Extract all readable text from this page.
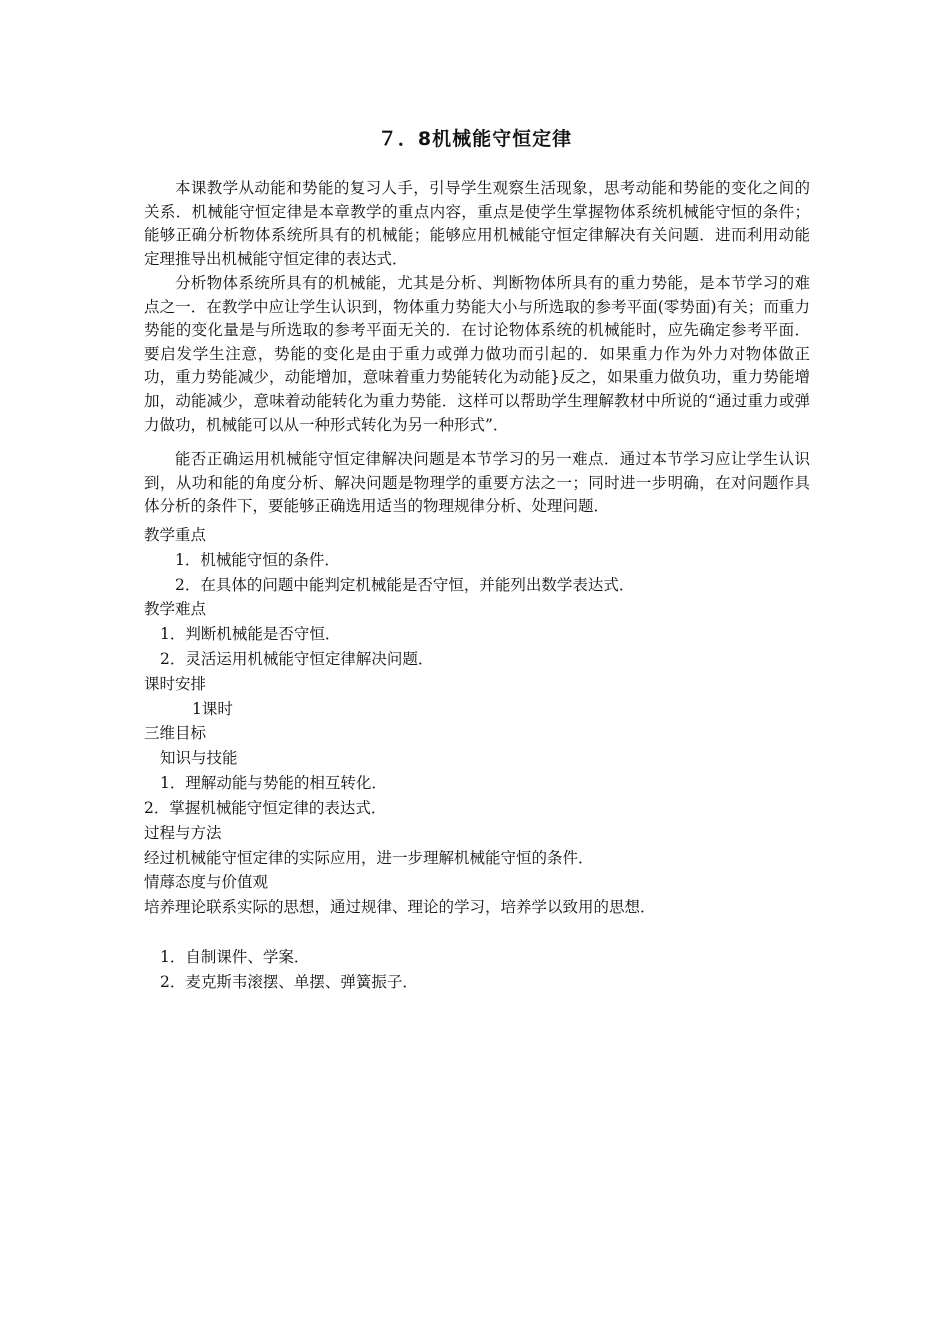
７．8机械能守恒定律
本课教学从动能和势能的复习人手，引导学生观察生活现象，思考动能和势能的变化之间的关系．机械能守恒定律是本章教学的重点内容，重点是使学生掌握物体系统机械能守恒的条件；能够正确分析物体系统所具有的机械能；能够应用机械能守恒定律解决有关问题．进而利用动能定理推导出机械能守恒定律的表达式．
分析物体系统所具有的机械能，尤其是分析、判断物体所具有的重力势能，是本节学习的难点之一．在教学中应让学生认识到，物体重力势能大小与所选取的参考平面(零势面)有关；而重力势能的变化量是与所选取的参考平面无关的．在讨论物体系统的机械能时，应先确定参考平面．要启发学生注意，势能的变化是由于重力或弹力做功而引起的．如果重力作为外力对物体做正功，重力势能减少，动能增加，意味着重力势能转化为动能}反之，如果重力做负功，重力势能增加，动能减少，意味着动能转化为重力势能．这样可以帮助学生理解教材中所说的“通过重力或弹力做功，机械能可以从一种形式转化为另一种形式”．
能否正确运用机械能守恒定律解决问题是本节学习的另一难点．通过本节学习应让学生认识到，从功和能的角度分析、解决问题是物理学的重要方法之一；同时进一步明确，在对问题作具体分析的条件下，要能够正确选用适当的物理规律分析、处理问题．
教学重点
1．机械能守恒的条件．
2．在具体的问题中能判定机械能是否守恒，并能列出数学表达式．
教学难点
1．判断机械能是否守恒．
2．灵活运用机械能守恒定律解决问题．
课时安排
1课时
三维目标
知识与技能
1．理解动能与势能的相互转化．
2．掌握机械能守恒定律的表达式．
过程与方法
经过机械能守恒定律的实际应用，进一步理解机械能守恒的条件．
情蓐态度与价值观
培养理论联系实际的思想，通过规律、理论的学习，培养学以致用的思想．
1．自制课件、学案．
2．麦克斯韦滚摆、单摆、弹簧振子．
